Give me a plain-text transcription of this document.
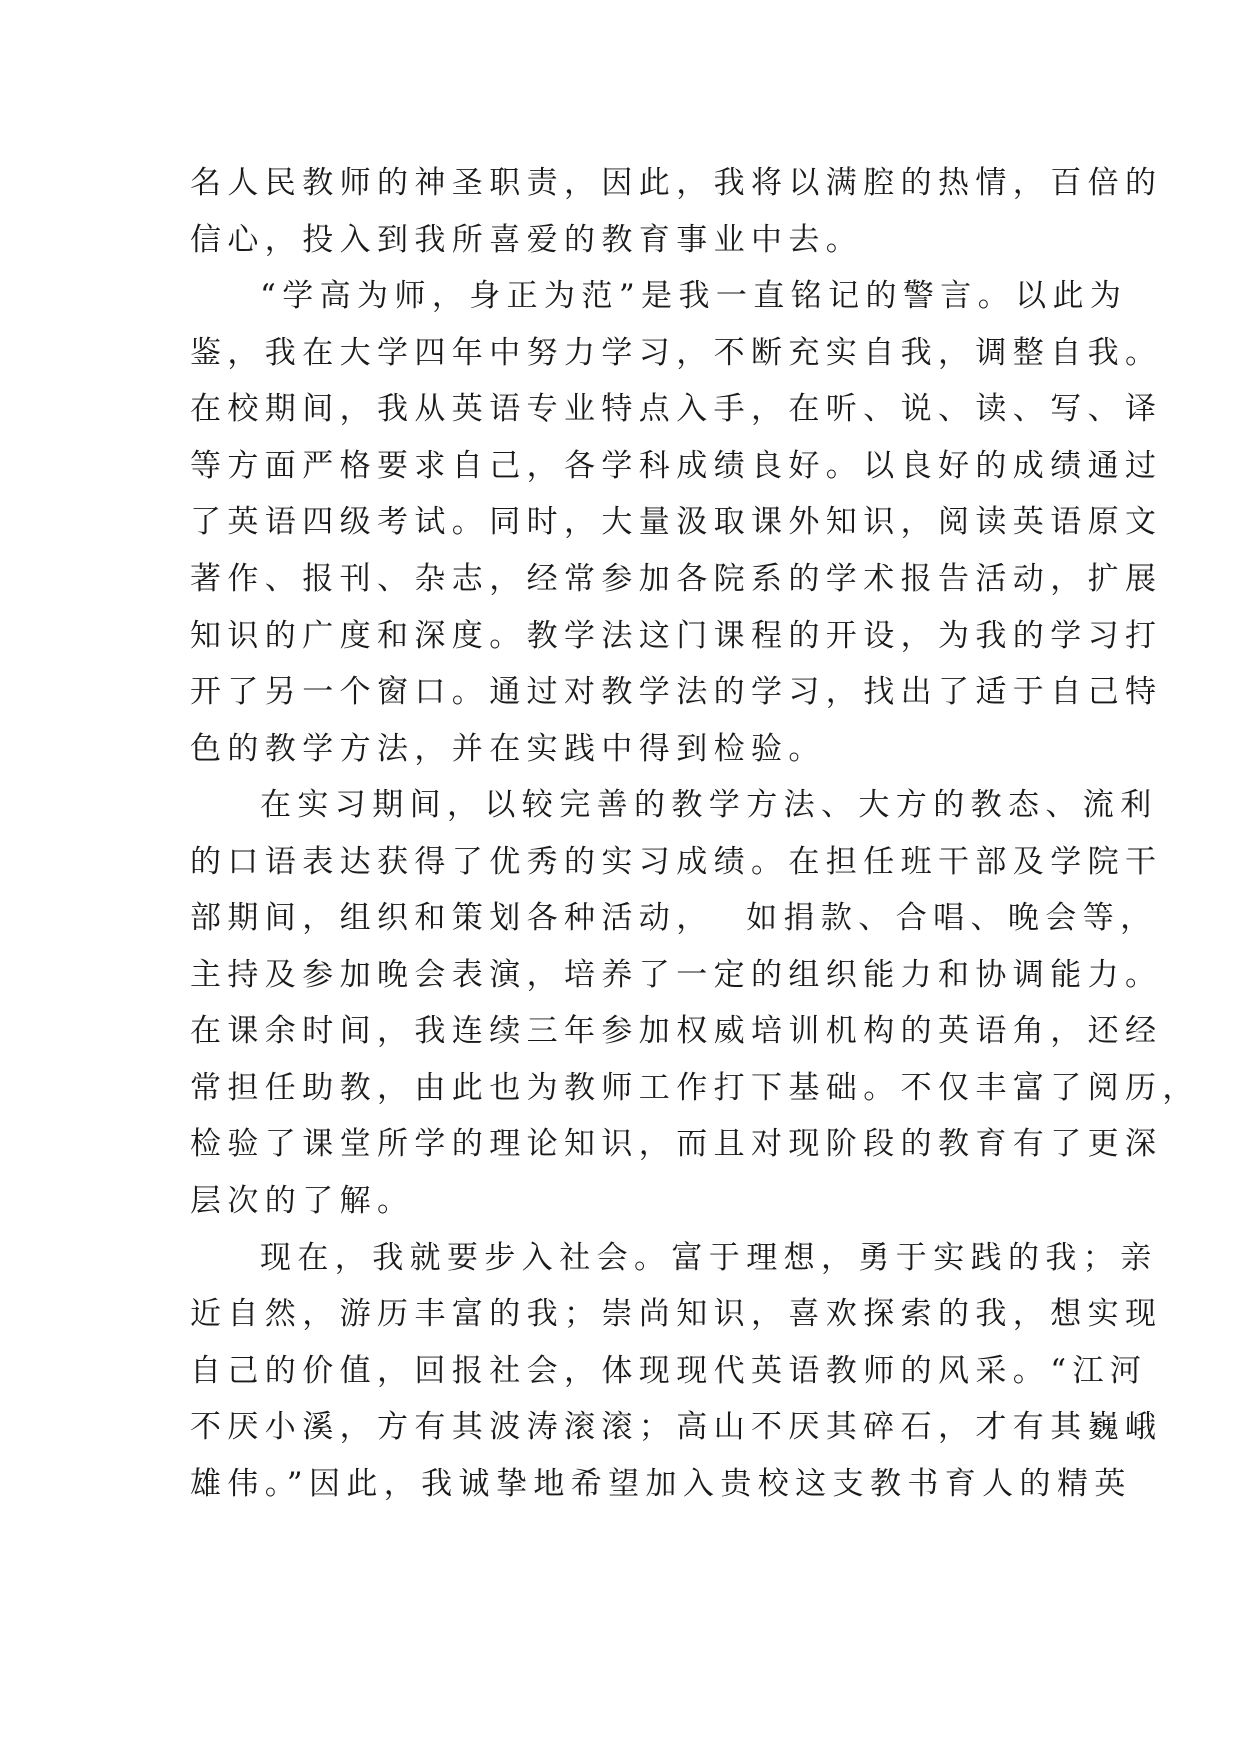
名人民教师的神圣职责，因此，我将以满腔的热情，百倍的
信心，投入到我所喜爱的教育事业中去。
“学高为师，身正为范”是我一直铭记的警言。以此为
鉴，我在大学四年中努力学习，不断充实自我，调整自我。
在校期间，我从英语专业特点入手，在听、说、读、写、译
等方面严格要求自己，各学科成绩良好。以良好的成绩通过
了英语四级考试。同时，大量汲取课外知识，阅读英语原文
著作、报刊、杂志，经常参加各院系的学术报告活动，扩展
知识的广度和深度。教学法这门课程的开设，为我的学习打
开了另一个窗口。通过对教学法的学习，找出了适于自己特
色的教学方法，并在实践中得到检验。
在实习期间，以较完善的教学方法、大方的教态、流利
的口语表达获得了优秀的实习成绩。在担任班干部及学院干
部期间，组织和策划各种活动，  如捐款、合唱、晚会等，
主持及参加晚会表演，培养了一定的组织能力和协调能力。
在课余时间，我连续三年参加权威培训机构的英语角，还经
常担任助教，由此也为教师工作打下基础。不仅丰富了阅历，
检验了课堂所学的理论知识，而且对现阶段的教育有了更深
层次的了解。
现在，我就要步入社会。富于理想，勇于实践的我；亲
近自然，游历丰富的我；崇尚知识，喜欢探索的我，想实现
自己的价值，回报社会，体现现代英语教师的风采。“江河
不厌小溪，方有其波涛滚滚；高山不厌其碎石，才有其巍峨
雄伟。”因此，我诚挚地希望加入贵校这支教书育人的精英
